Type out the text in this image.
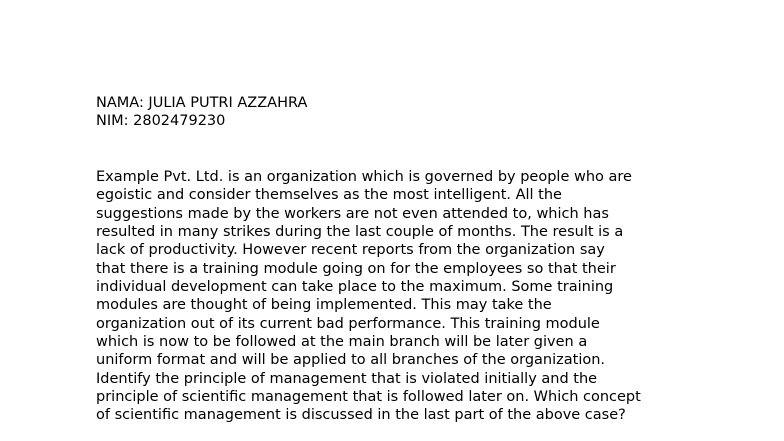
NAMA: JULIA PUTRI AZZAHRA
NIM: 2802479230
Example Pvt. Ltd. is an organization which is governed by people who are
egoistic and consider themselves as the most intelligent. All the
suggestions made by the workers are not even attended to, which has
resulted in many strikes during the last couple of months. The result is a
lack of productivity. However recent reports from the organization say
that there is a training module going on for the employees so that their
individual development can take place to the maximum. Some training
modules are thought of being implemented. This may take the
organization out of its current bad performance. This training module
which is now to be followed at the main branch will be later given a
uniform format and will be applied to all branches of the organization.
Identify the principle of management that is violated initially and the
principle of scientific management that is followed later on. Which concept
of scientific management is discussed in the last part of the above case?
